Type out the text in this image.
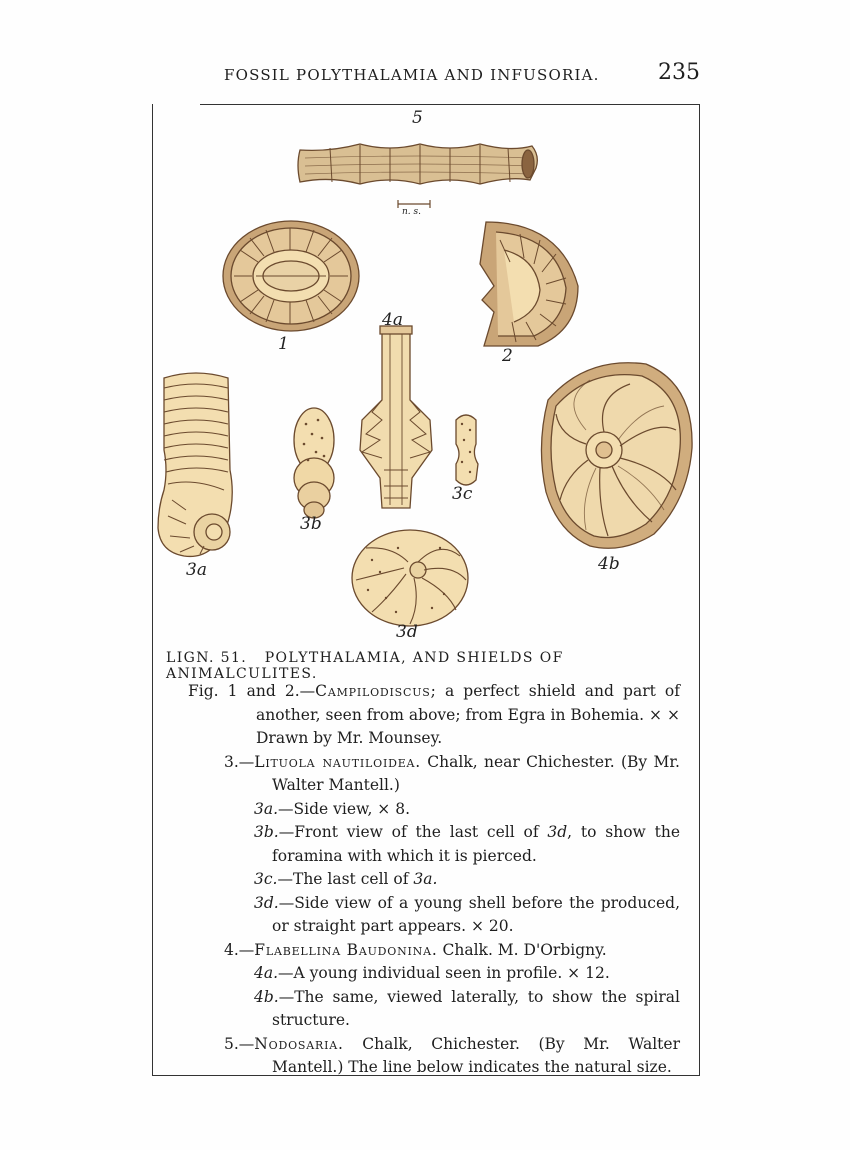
FOSSIL POLYTHALAMIA AND INFUSORIA.	235
5
n. s.
1
4a
2
3b
3c
3a	4b
3d
LIGN. 51. POLYTHALAMIA, AND SHIELDS OF ANIMALCULITES.

Fig. 1 and 2.—Campilodiscus; a perfect shield and part of another, seen from above; from Egra in Bohemia. × × Drawn by Mr. Mounsey.

3.—Lituola nautiloidea. Chalk, near Chichester. (By Mr. Walter Mantell.)

3a.—Side view, × 8.

3b.—Front view of the last cell of 3d, to show the foramina with which it is pierced.

3c.—The last cell of 3a.

3d.—Side view of a young shell before the produced, or straight part appears. × 20.

4.—Flabellina Baudonina. Chalk. M. D'Orbigny.

4a.—A young individual seen in profile. × 12.

4b.—The same, viewed laterally, to show the spiral structure.

5.—Nodosaria. Chalk, Chichester. (By Mr. Walter Mantell.) The line below indicates the natural size.
